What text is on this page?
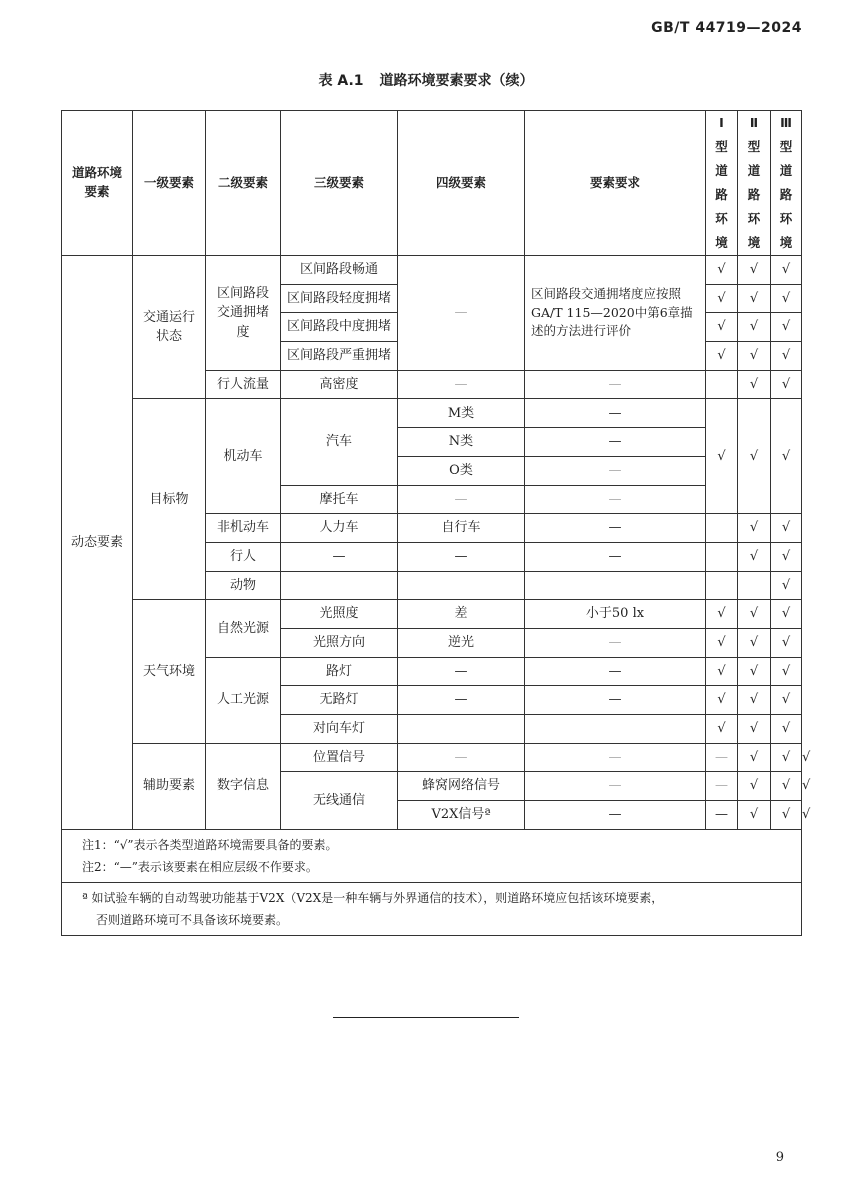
GB/T 44719—2024
表 A.1 道路环境要素要求（续）
道路环境要素	一级要素	二级要素	三级要素	四级要素	要素要求	Ⅰ型道路环境	Ⅱ型道路环境	Ⅲ型道路环境	
动态要素	交通运行状态	区间路段交通拥堵度	区间路段畅通	—	区间路段交通拥堵度应按照GA/T 115—2020中第6章描述的方法进行评价	√	√	√	
			区间路段轻度拥堵			√	√	√	
			区间路段中度拥堵			√	√	√	
			区间路段严重拥堵			√	√	√	
		行人流量	高密度	—	—		√	√	
	目标物	机动车	汽车	M类	—	√	√	√	
				N类	—				
				O类	—				
			摩托车	—	—				
		非机动车	人力车	自行车	—		√	√	
		行人	—	—	—		√	√	
		动物						√	
	天气环境	自然光源	光照度	差	小于50 lx	√	√	√	
			光照方向	逆光	—	√	√	√	
		人工光源	路灯	—	—	√	√	√	
			无路灯	—	—	√	√	√	
			对向车灯			√	√	√	
	辅助要素	数字信息	位置信号	—	—	—	√	√	√
			无线通信	蜂窝网络信号	—	—	√	√	√
				V2X信号ª	—	—	√	√	√

注1：“√”表示各类型道路环境需要具备的要素。
注2：“—”表示该要素在相应层级不作要求。									

ª 如试验车辆的自动驾驶功能基于V2X（V2X是一种车辆与外界通信的技术），则道路环境应包括该环境要素，
否则道路环境可不具备该环境要素。									
9
